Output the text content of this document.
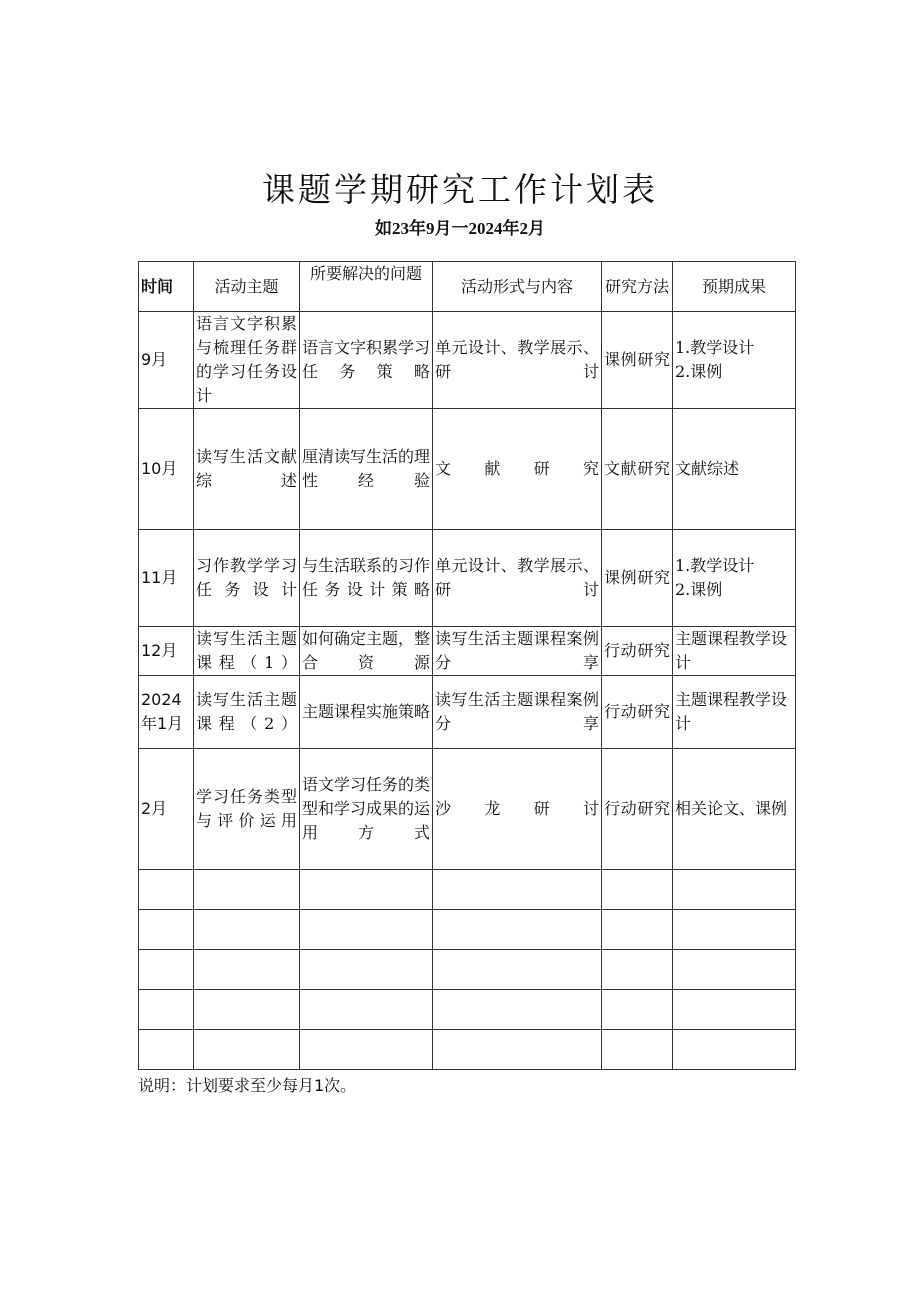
课题学期研究工作计划表
如23年9月一2024年2月
时间	活动主题	所要解决的问题	活动形式与内容	研究方法	预期成果
9月	语言文字积累与梳理任务群的学习任务设计	语言文字积累学习任务策略	单元设计、教学展示、研讨	课例研究	1.教学设计
2.课例

10月	读写生活文献综述	厘清读写生活的理性经验	文献研究	文献研究	文献综述

11月	习作教学学习任务设计	与生活联系的习作任务设计策略	单元设计、教学展示、研讨	课例研究	1.教学设计
2.课例

12月	读写生活主题课程（1）	如何确定主题，整合资源	读写生活主题课程案例分享	行动研究	主题课程教学设计

2024年1月	读写生活主题课程（2）	主题课程实施策略	读写生活主题课程案例分享	行动研究	主题课程教学设计

2月	学习任务类型与评价运用	语文学习任务的类型和学习成果的运用方式	沙龙研讨	行动研究	相关论文、课例

说明：计划要求至少每月1次。
